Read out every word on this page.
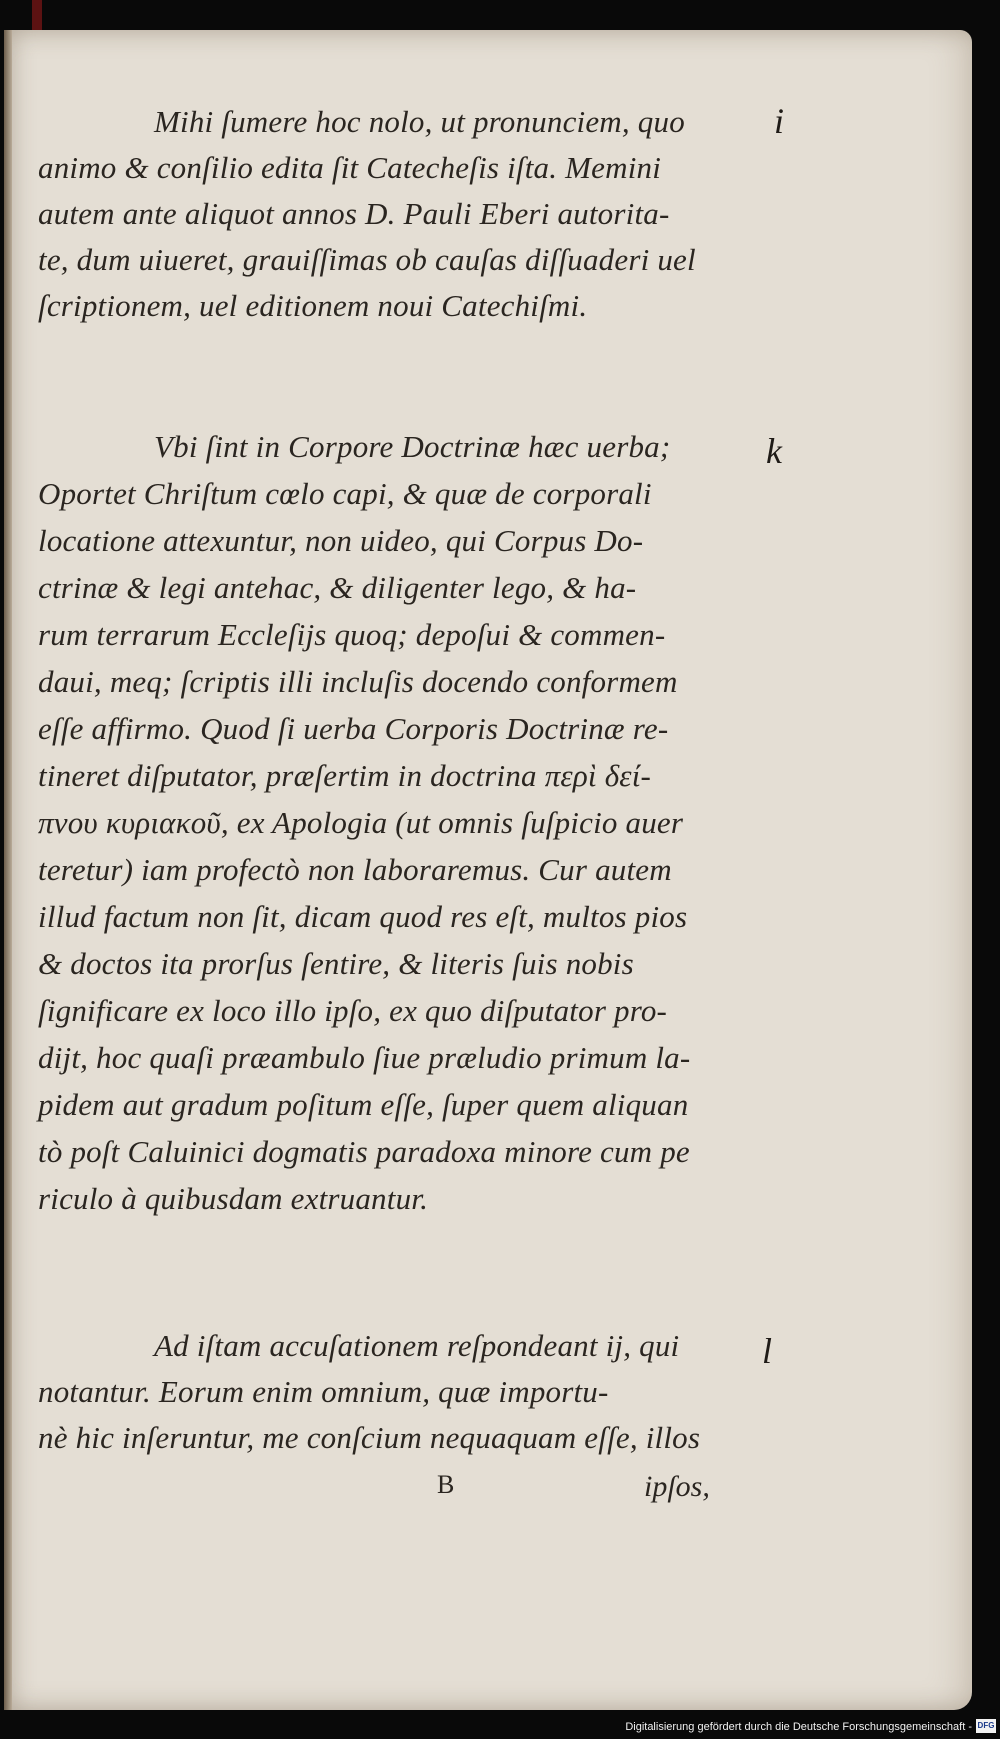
Mihi ſumere hoc nolo, ut pronunciem, quo
animo & conſilio edita ſit Catecheſis iſta. Memini
autem ante aliquot annos D. Pauli Eberi autorita-
te, dum uiueret, grauiſſimas ob cauſas diſſuaderi uel
ſcriptionem, uel editionem noui Catechiſmi.
i
Vbi ſint in Corpore Doctrinæ hæc uerba;
Oportet Chriſtum cœlo capi, & quæ de corporali
locatione attexuntur, non uideo, qui Corpus Do-
ctrinæ & legi antehac, & diligenter lego, & ha-
rum terrarum Eccleſijs quoq; depoſui & commen-
daui, meq; ſcriptis illi incluſis docendo conformem
eſſe affirmo. Quod ſi uerba Corporis Doctrinæ re-
tineret diſputator, præſertim in doctrina περὶ δεί-
πνου κυριακοῦ, ex Apologia (ut omnis ſuſpicio auer
teretur) iam profectò non laboraremus. Cur autem
illud factum non ſit, dicam quod res eſt, multos pios
& doctos ita prorſus ſentire, & literis ſuis nobis
ſignificare ex loco illo ipſo, ex quo diſputator pro-
dijt, hoc quaſi præambulo ſiue præludio primum la-
pidem aut gradum poſitum eſſe, ſuper quem aliquan
tò poſt Caluinici dogmatis paradoxa minore cum pe
riculo à quibusdam extruantur.
k
Ad iſtam accuſationem reſpondeant ij, qui
notantur. Eorum enim omnium, quæ importu-
nè hic inſeruntur, me conſcium nequaquam eſſe, illos
l
B	ipſos,
Digitalisierung gefördert durch die Deutsche Forschungsgemeinschaft - DFG
